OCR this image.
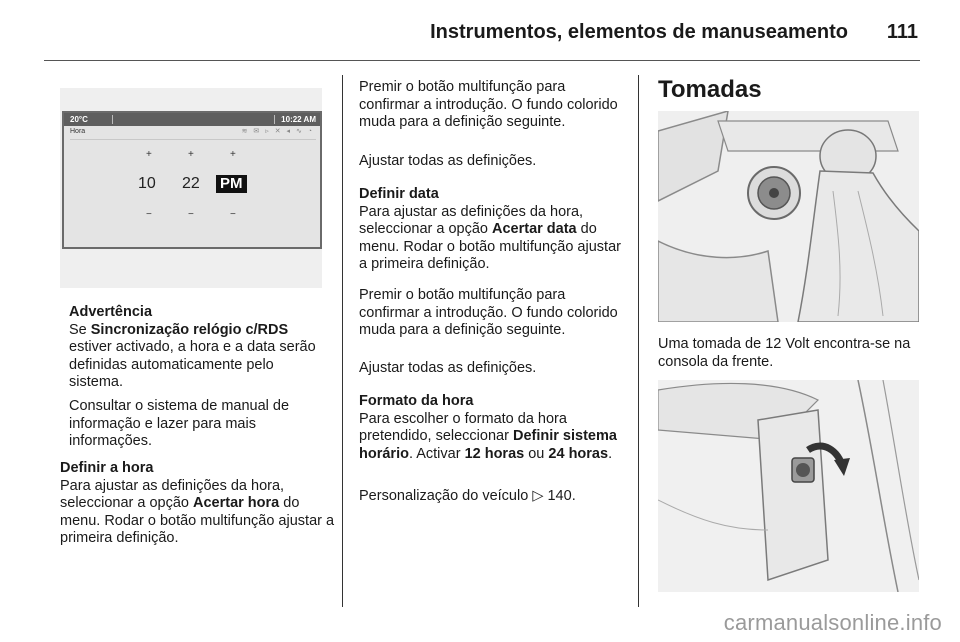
Instrumentos, elementos de manuseamento 111
20°C	10:22 AM
Hora	≋ ✉ ▹ ✕ ◂ ∿ ◔
+	+	+
10 22 PM
−	−	−
Advertência
Se Sincronização relógio c/RDS estiver activado, a hora e a data serão definidas automaticamente pelo sistema.
Consultar o sistema de manual de informação e lazer para mais informações.
Definir a hora
Para ajustar as definições da hora, seleccionar a opção Acertar hora do menu. Rodar o botão multifunção ajustar a primeira definição.
Premir o botão multifunção para confirmar a introdução. O fundo colorido muda para a definição seguinte.
Ajustar todas as definições.
Definir data
Para ajustar as definições da hora, seleccionar a opção Acertar data do menu. Rodar o botão multifunção ajustar a primeira definição.
Premir o botão multifunção para confirmar a introdução. O fundo colorido muda para a definição seguinte.
Ajustar todas as definições.
Formato da hora
Para escolher o formato da hora pretendido, seleccionar Definir sistema horário. Activar 12 horas ou 24 horas.
Personalização do veículo ▷ 140.
Tomadas
Uma tomada de 12 Volt encontra-se na consola da frente.
carmanualsonline.info
